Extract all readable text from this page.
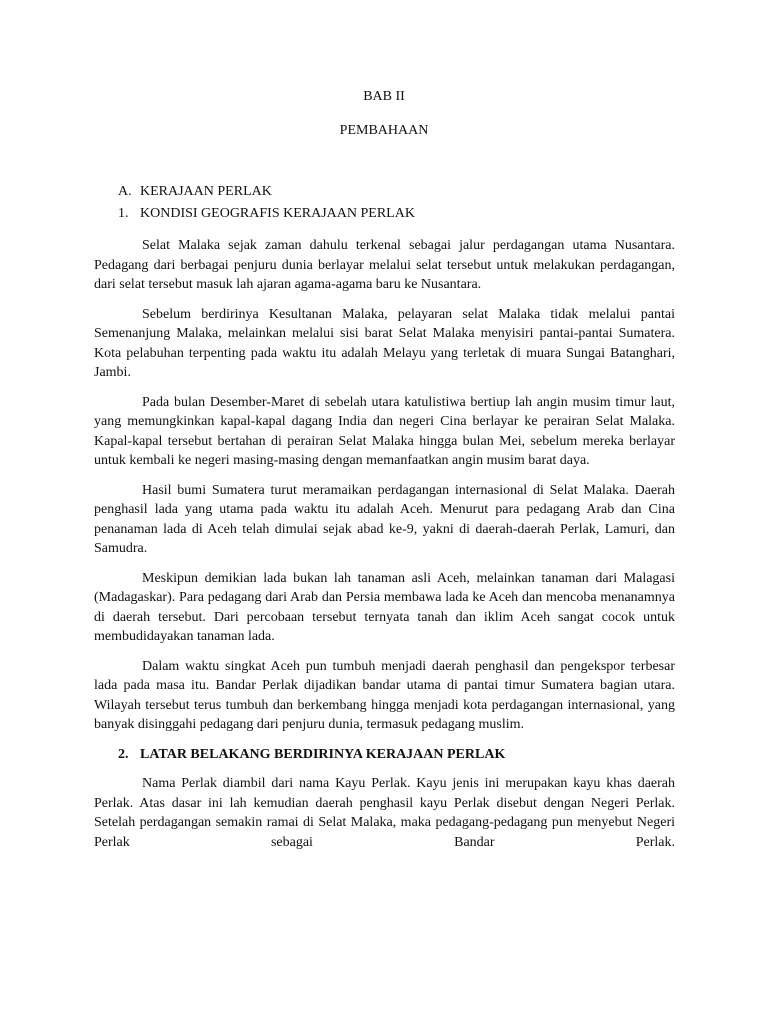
BAB II
PEMBAHAAN
A. KERAJAAN PERLAK
1. KONDISI GEOGRAFIS KERAJAAN PERLAK

Selat Malaka sejak zaman dahulu terkenal sebagai jalur perdagangan utama Nusantara. Pedagang dari berbagai penjuru dunia berlayar melalui selat tersebut untuk melakukan perdagangan, dari selat tersebut masuk lah ajaran agama-agama baru ke Nusantara.

Sebelum berdirinya Kesultanan Malaka, pelayaran selat Malaka tidak melalui pantai Semenanjung Malaka, melainkan melalui sisi barat Selat Malaka menyisiri pantai-pantai Sumatera. Kota pelabuhan terpenting pada waktu itu adalah Melayu yang terletak di muara Sungai Batanghari, Jambi.

Pada bulan Desember-Maret di sebelah utara katulistiwa bertiup lah angin musim timur laut, yang memungkinkan kapal-kapal dagang India dan negeri Cina berlayar ke perairan Selat Malaka. Kapal-kapal tersebut bertahan di perairan Selat Malaka hingga bulan Mei, sebelum mereka berlayar untuk kembali ke negeri masing-masing dengan memanfaatkan angin musim barat daya.

Hasil bumi Sumatera turut meramaikan perdagangan internasional di Selat Malaka. Daerah penghasil lada yang utama pada waktu itu adalah Aceh. Menurut para pedagang Arab dan Cina penanaman lada di Aceh telah dimulai sejak abad ke-9, yakni di daerah-daerah Perlak, Lamuri, dan Samudra.

Meskipun demikian lada bukan lah tanaman asli Aceh, melainkan tanaman dari Malagasi (Madagaskar). Para pedagang dari Arab dan Persia membawa lada ke Aceh dan mencoba menanamnya di daerah tersebut. Dari percobaan tersebut ternyata tanah dan iklim Aceh sangat cocok untuk membudidayakan tanaman lada.

Dalam waktu singkat Aceh pun tumbuh menjadi daerah penghasil dan pengekspor terbesar lada pada masa itu. Bandar Perlak dijadikan bandar utama di pantai timur Sumatera bagian utara. Wilayah tersebut terus tumbuh dan berkembang hingga menjadi kota perdagangan internasional, yang banyak disinggahi pedagang dari penjuru dunia, termasuk pedagang muslim.

2. LATAR BELAKANG BERDIRINYA KERAJAAN PERLAK

Nama Perlak diambil dari nama Kayu Perlak. Kayu jenis ini merupakan kayu khas daerah Perlak. Atas dasar ini lah kemudian daerah penghasil kayu Perlak disebut dengan Negeri Perlak. Setelah perdagangan semakin ramai di Selat Malaka, maka pedagang-pedagang pun menyebut Negeri Perlak sebagai Bandar Perlak.
